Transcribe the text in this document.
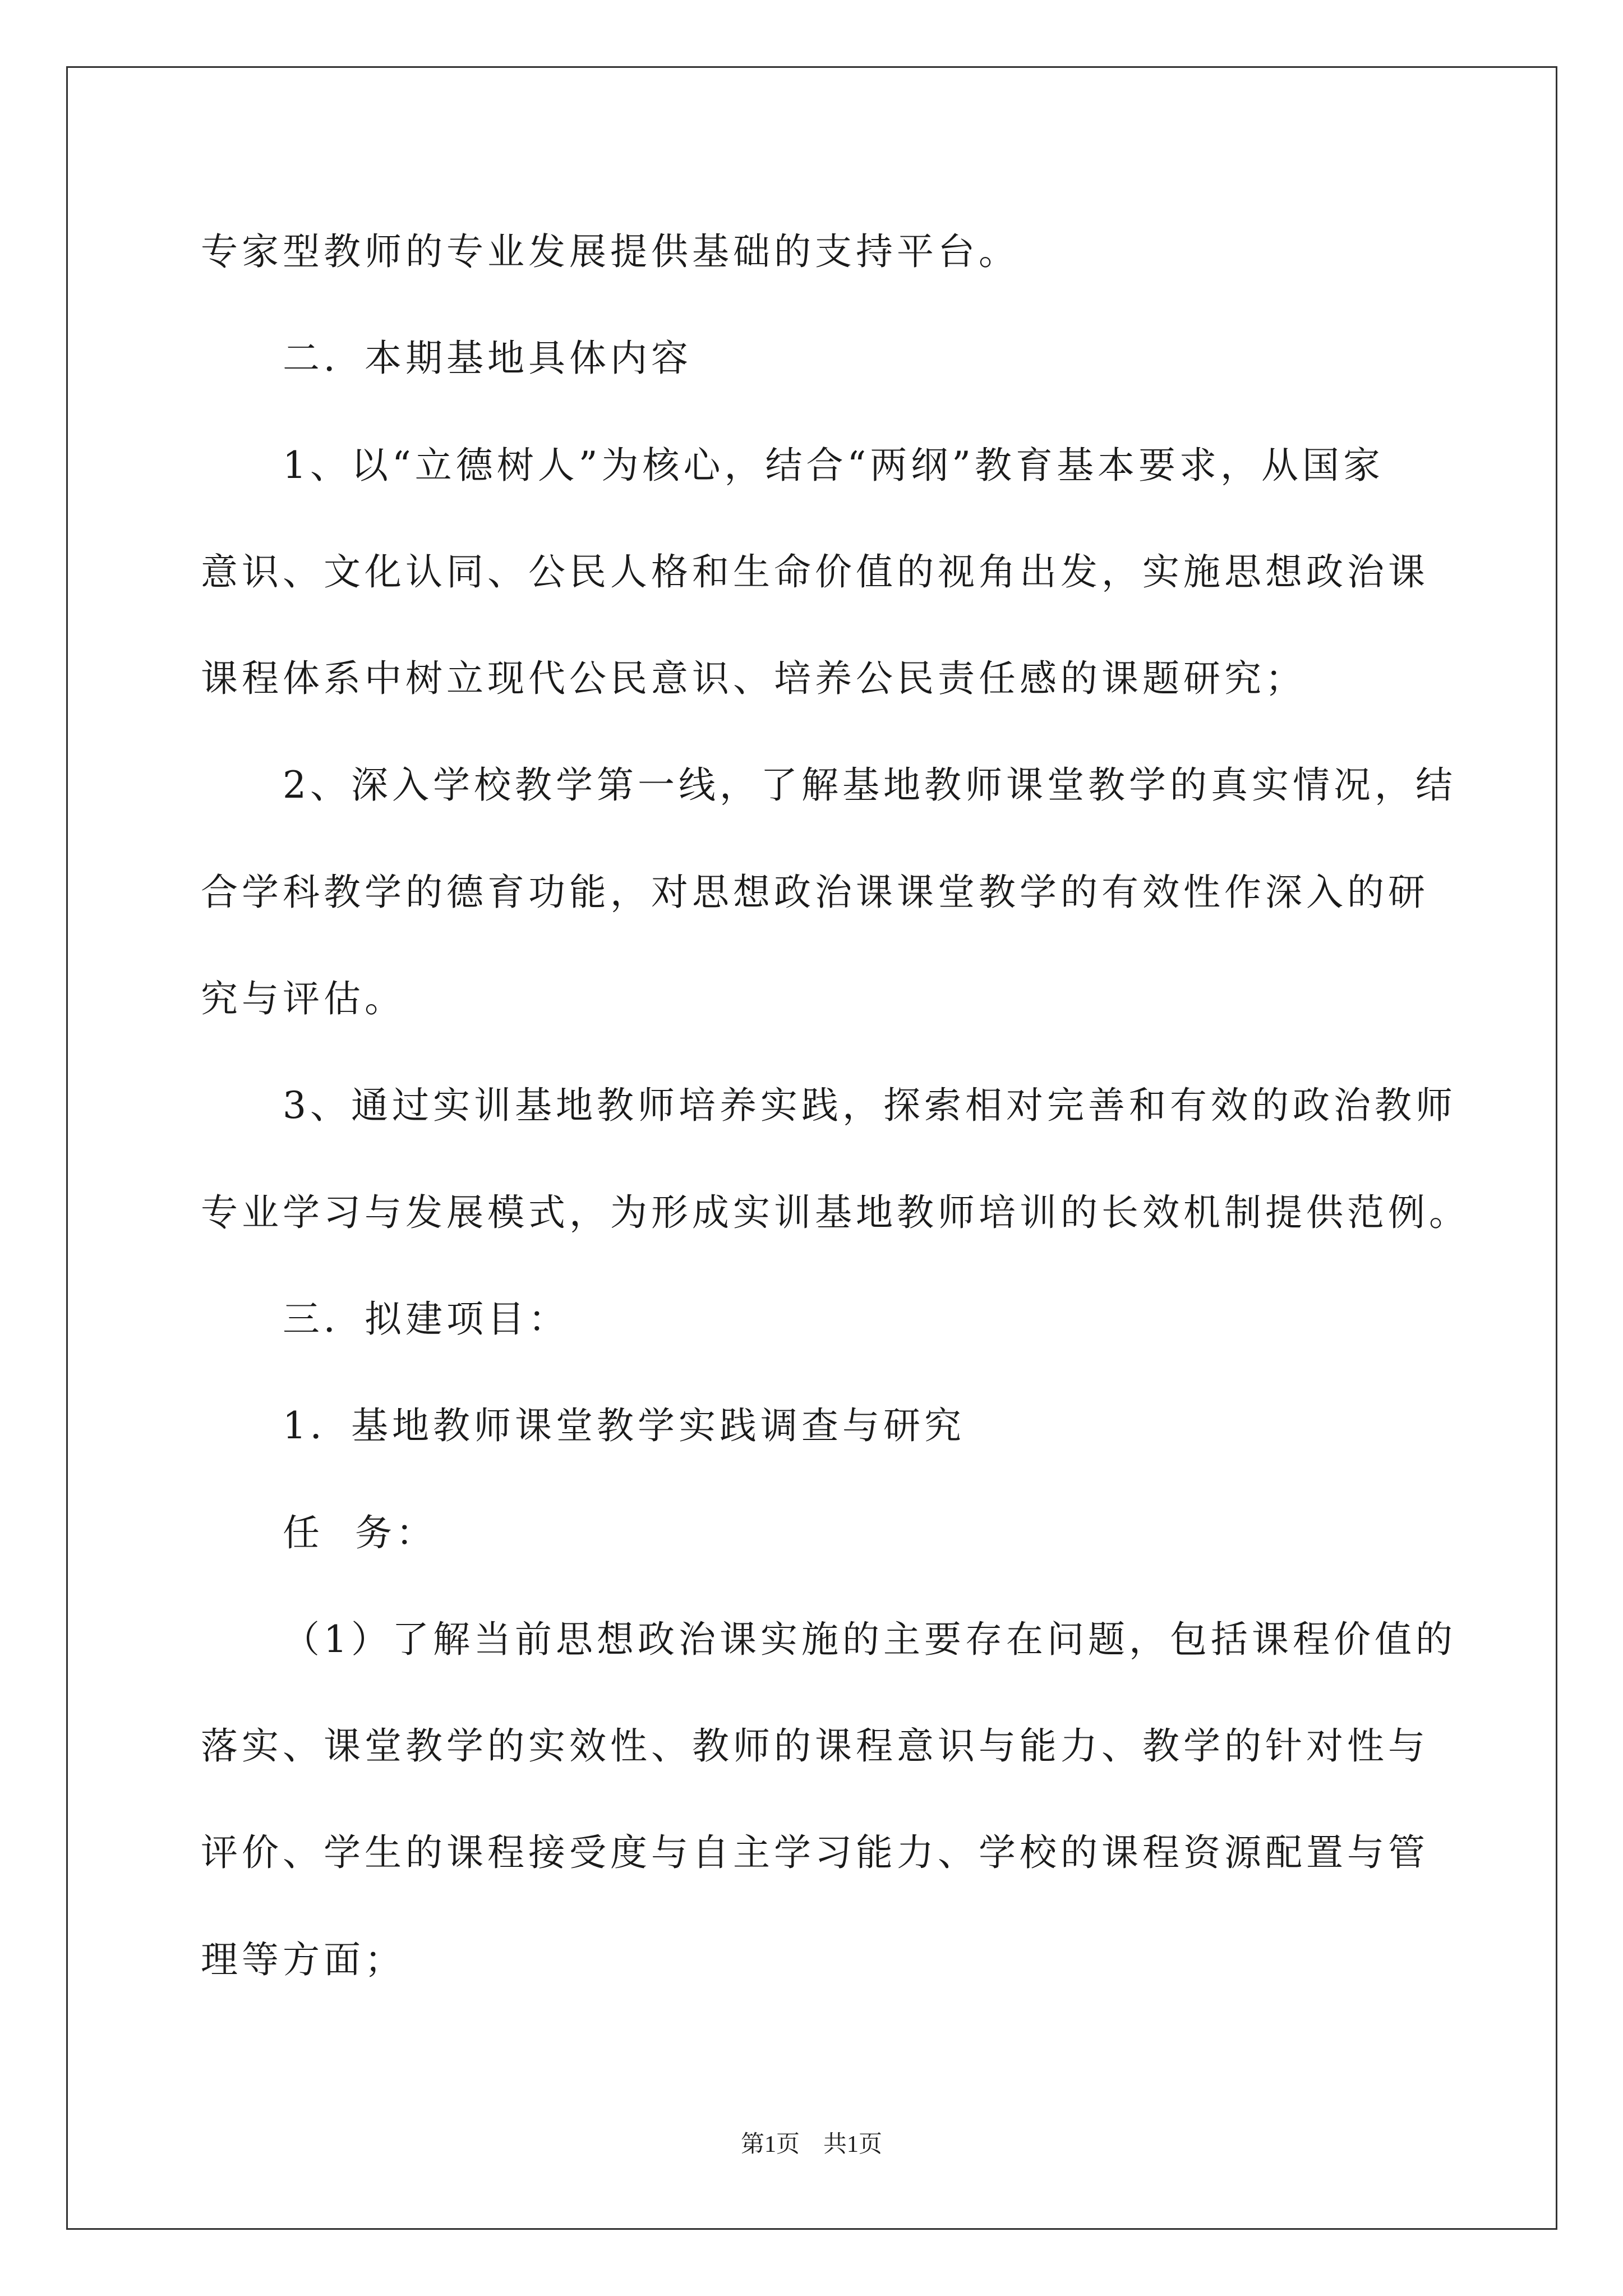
专家型教师的专业发展提供基础的支持平台。
二．本期基地具体内容
1、以“立德树人”为核心，结合“两纲”教育基本要求，从国家
意识、文化认同、公民人格和生命价值的视角出发，实施思想政治课
课程体系中树立现代公民意识、培养公民责任感的课题研究；
2、深入学校教学第一线，了解基地教师课堂教学的真实情况，结
合学科教学的德育功能，对思想政治课课堂教学的有效性作深入的研
究与评估。
3、通过实训基地教师培养实践，探索相对完善和有效的政治教师
专业学习与发展模式，为形成实训基地教师培训的长效机制提供范例。
三．拟建项目：
1．基地教师课堂教学实践调查与研究
任  务：
（1）了解当前思想政治课实施的主要存在问题，包括课程价值的
落实、课堂教学的实效性、教师的课程意识与能力、教学的针对性与
评价、学生的课程接受度与自主学习能力、学校的课程资源配置与管
理等方面；
第1页　共1页
